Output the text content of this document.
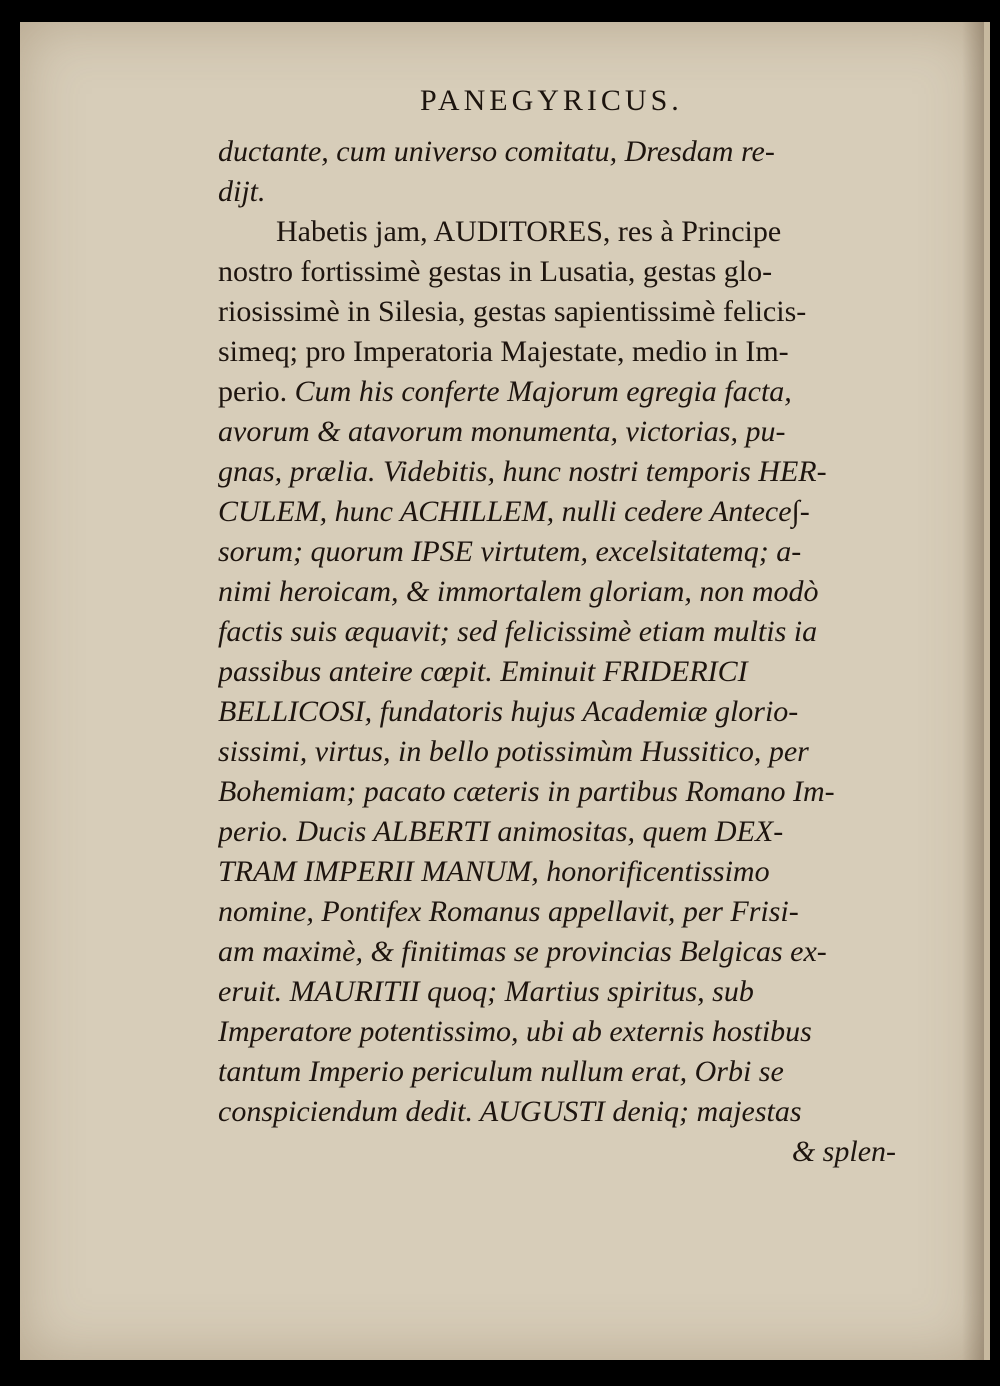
PANEGYRICUS.
ductante, cum universo comitatu, Dresdam re-
dijt.
Habetis jam, AUDITORES, res à Principe
nostro fortissimè gestas in Lusatia, gestas glo-
riosissimè in Silesia, gestas sapientissimè felicis-
simeq; pro Imperatoria Majestate, medio in Im-
perio. Cum his conferte Majorum egregia facta,
avorum & atavorum monumenta, victorias, pu-
gnas, prælia. Videbitis, hunc nostri temporis HER-
CULEM, hunc ACHILLEM, nulli cedere Antece∫-
sorum; quorum IPSE virtutem, excelsitatemq; a-
nimi heroicam, & immortalem gloriam, non modò
factis suis æquavit; sed felicissimè etiam multis ia
passibus anteire cœpit. Eminuit FRIDERICI
BELLICOSI, fundatoris hujus Academiæ glorio-
sissimi, virtus, in bello potissimùm Hussitico, per
Bohemiam; pacato cæteris in partibus Romano Im-
perio. Ducis ALBERTI animositas, quem DEX-
TRAM IMPERII MANUM, honorificentissimo
nomine, Pontifex Romanus appellavit, per Frisi-
am maximè, & finitimas se provincias Belgicas ex-
eruit. MAURITII quoq; Martius spiritus, sub
Imperatore potentissimo, ubi ab externis hostibus
tantum Imperio periculum nullum erat, Orbi se
conspiciendum dedit. AUGUSTI deniq; majestas
& splen-
